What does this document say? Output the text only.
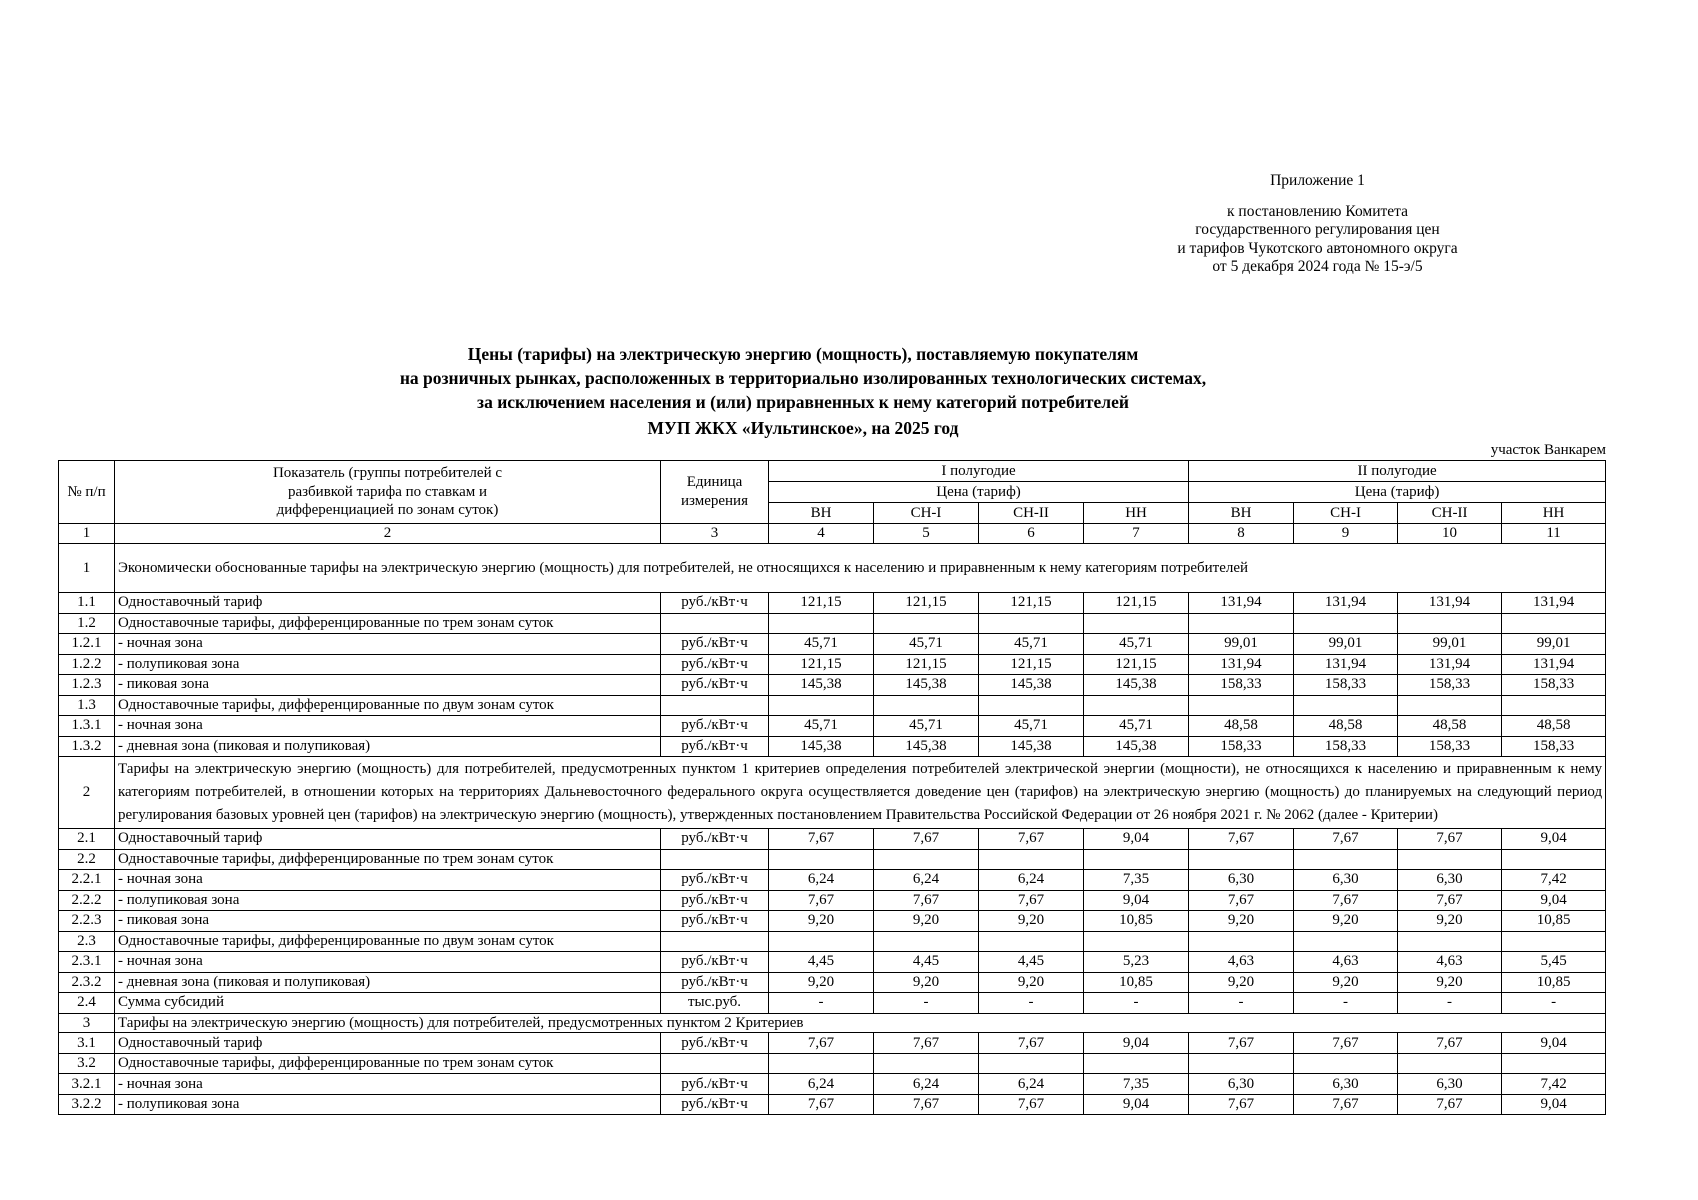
Приложение 1
к постановлению Комитета
государственного регулирования цен
и тарифов Чукотского автономного округа
от 5 декабря 2024 года № 15-э/5
Цены (тарифы) на электрическую энергию (мощность), поставляемую покупателям
на розничных рынках, расположенных в территориально изолированных технологических системах,
за исключением населения и (или) приравненных к нему категорий потребителей
МУП ЖКХ «Иультинское», на 2025 год
участок Ванкарем
№ п/п	Показатель (группы потребителей с разбивкой тарифа по ставкам и дифференциацией по зонам суток)	Единица измерения	I полугодие				II полугодие			
			Цена (тариф)				Цена (тариф)			
			ВН	СН-I	СН-II	НН	ВН	СН-I	СН-II	НН
1	2	3	4	5	6	7	8	9	10	11
1	Экономически обоснованные тарифы на электрическую энергию (мощность) для потребителей, не относящихся к населению и приравненным к нему категориям потребителей									
1.1	Одноставочный тариф	руб./кВт·ч	121,15	121,15	121,15	121,15	131,94	131,94	131,94	131,94
1.2	Одноставочные тарифы, дифференцированные по трем зонам суток									
1.2.1	- ночная зона	руб./кВт·ч	45,71	45,71	45,71	45,71	99,01	99,01	99,01	99,01
1.2.2	- полупиковая зона	руб./кВт·ч	121,15	121,15	121,15	121,15	131,94	131,94	131,94	131,94
1.2.3	- пиковая зона	руб./кВт·ч	145,38	145,38	145,38	145,38	158,33	158,33	158,33	158,33
1.3	Одноставочные тарифы, дифференцированные по двум зонам суток									
1.3.1	- ночная зона	руб./кВт·ч	45,71	45,71	45,71	45,71	48,58	48,58	48,58	48,58
1.3.2	- дневная зона (пиковая и полупиковая)	руб./кВт·ч	145,38	145,38	145,38	145,38	158,33	158,33	158,33	158,33
2	Тарифы на электрическую энергию (мощность) для потребителей, предусмотренных пунктом 1 критериев определения потребителей электрической энергии (мощности), не относящихся к населению и приравненным к нему категориям потребителей, в отношении которых на территориях Дальневосточного федерального округа осуществляется доведение цен (тарифов) на электрическую энергию (мощность) до планируемых на следующий период регулирования базовых уровней цен (тарифов) на электрическую энергию (мощность), утвержденных постановлением Правительства Российской Федерации от 26 ноября 2021 г. № 2062 (далее - Критерии)									
2.1	Одноставочный тариф	руб./кВт·ч	7,67	7,67	7,67	9,04	7,67	7,67	7,67	9,04
2.2	Одноставочные тарифы, дифференцированные по трем зонам суток									
2.2.1	- ночная зона	руб./кВт·ч	6,24	6,24	6,24	7,35	6,30	6,30	6,30	7,42
2.2.2	- полупиковая зона	руб./кВт·ч	7,67	7,67	7,67	9,04	7,67	7,67	7,67	9,04
2.2.3	- пиковая зона	руб./кВт·ч	9,20	9,20	9,20	10,85	9,20	9,20	9,20	10,85
2.3	Одноставочные тарифы, дифференцированные по двум зонам суток									
2.3.1	- ночная зона	руб./кВт·ч	4,45	4,45	4,45	5,23	4,63	4,63	4,63	5,45
2.3.2	- дневная зона (пиковая и полупиковая)	руб./кВт·ч	9,20	9,20	9,20	10,85	9,20	9,20	9,20	10,85
2.4	Сумма субсидий	тыс.руб.	-	-	-	-	-	-	-	-
3	Тарифы на электрическую энергию (мощность) для потребителей, предусмотренных пунктом 2 Критериев									
3.1	Одноставочный тариф	руб./кВт·ч	7,67	7,67	7,67	9,04	7,67	7,67	7,67	9,04
3.2	Одноставочные тарифы, дифференцированные по трем зонам суток									
3.2.1	- ночная зона	руб./кВт·ч	6,24	6,24	6,24	7,35	6,30	6,30	6,30	7,42
3.2.2	- полупиковая зона	руб./кВт·ч	7,67	7,67	7,67	9,04	7,67	7,67	7,67	9,04
